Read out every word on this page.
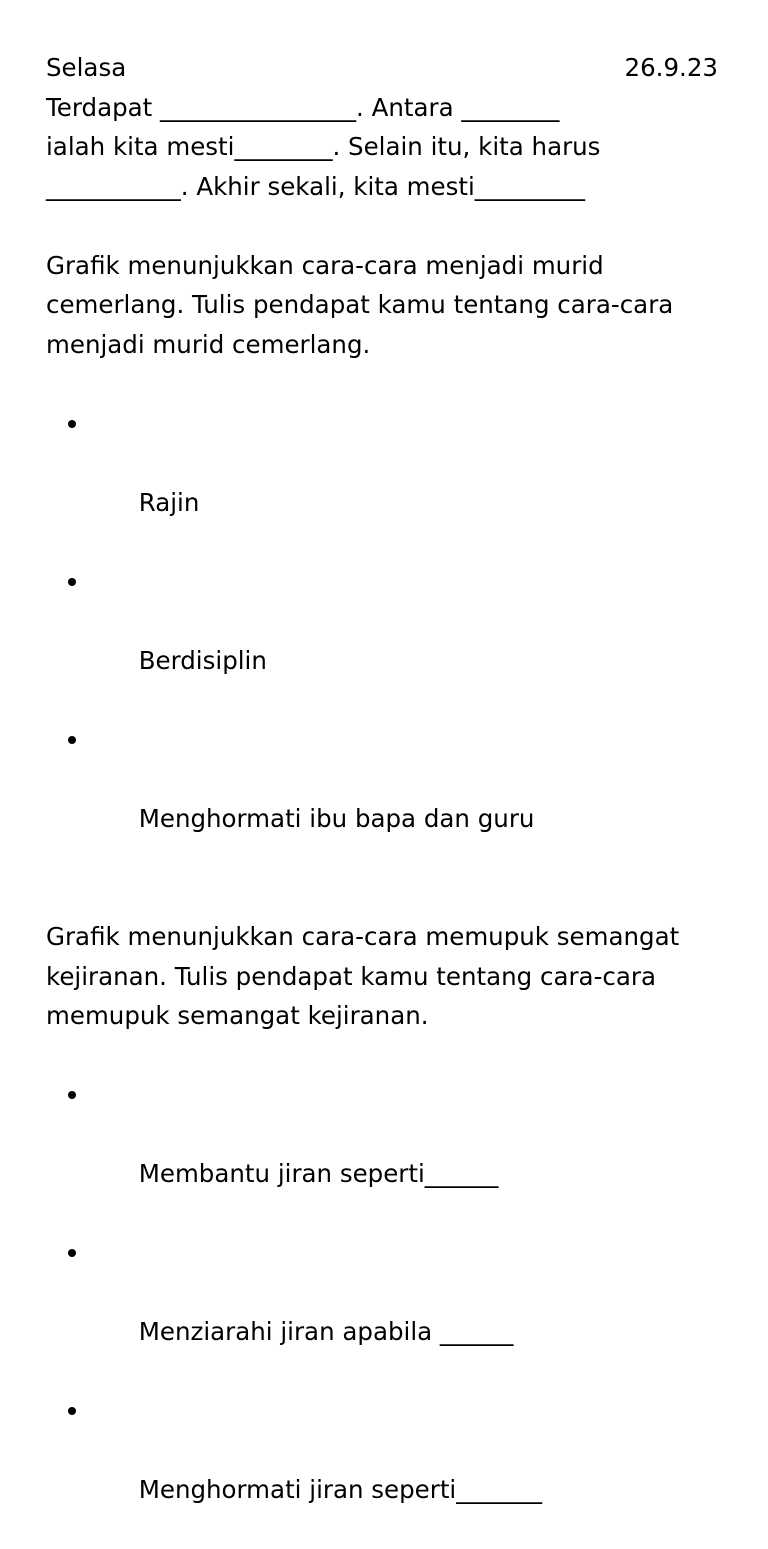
Selasa	26.9.23
Terdapat ________________. Antara ________
ialah kita mesti________. Selain itu, kita harus
___________. Akhir sekali, kita mesti_________
Grafik menunjukkan cara-cara menjadi murid
cemerlang. Tulis pendapat kamu tentang cara-cara
menjadi murid cemerlang.

Rajin

Berdisiplin

Menghormati ibu bapa dan guru

Grafik menunjukkan cara-cara memupuk semangat
kejiranan. Tulis pendapat kamu tentang cara-cara
memupuk semangat kejiranan.

Membantu jiran seperti______

Menziarahi jiran apabila ______

Menghormati jiran seperti_______
